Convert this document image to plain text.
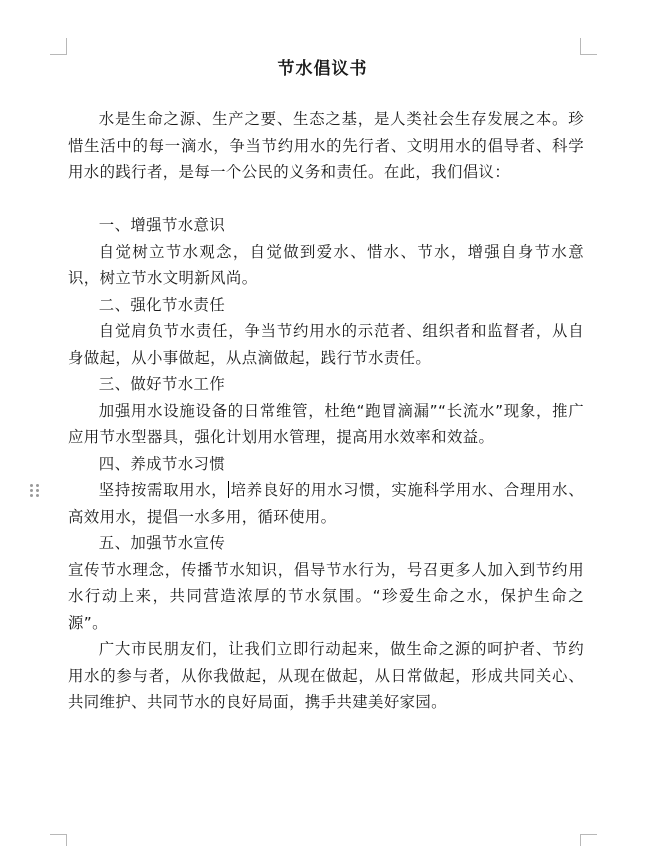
节水倡议书

水是生命之源、生产之要、生态之基，是人类社会生存发展之本。珍惜生活中的每一滴水，争当节约用水的先行者、文明用水的倡导者、科学用水的践行者，是每一个公民的义务和责任。在此，我们倡议：

一、增强节水意识

自觉树立节水观念，自觉做到爱水、惜水、节水，增强自身节水意识，树立节水文明新风尚。

二、强化节水责任

自觉肩负节水责任，争当节约用水的示范者、组织者和监督者，从自身做起，从小事做起，从点滴做起，践行节水责任。

三、做好节水工作

加强用水设施设备的日常维管，杜绝“跑冒滴漏”“长流水”现象，推广应用节水型器具，强化计划用水管理，提高用水效率和效益。

四、养成节水习惯

坚持按需取用水， 培养良好的用水习惯，实施科学用水、合理用水、高效用水，提倡一水多用，循环使用。

五、加强节水宣传

宣传节水理念，传播节水知识，倡导节水行为，号召更多人加入到节约用水行动上来，共同营造浓厚的节水氛围。“珍爱生命之水，保护生命之源”。

广大市民朋友们，让我们立即行动起来，做生命之源的呵护者、节约用水的参与者，从你我做起，从现在做起，从日常做起，形成共同关心、共同维护、共同节水的良好局面，携手共建美好家园。
